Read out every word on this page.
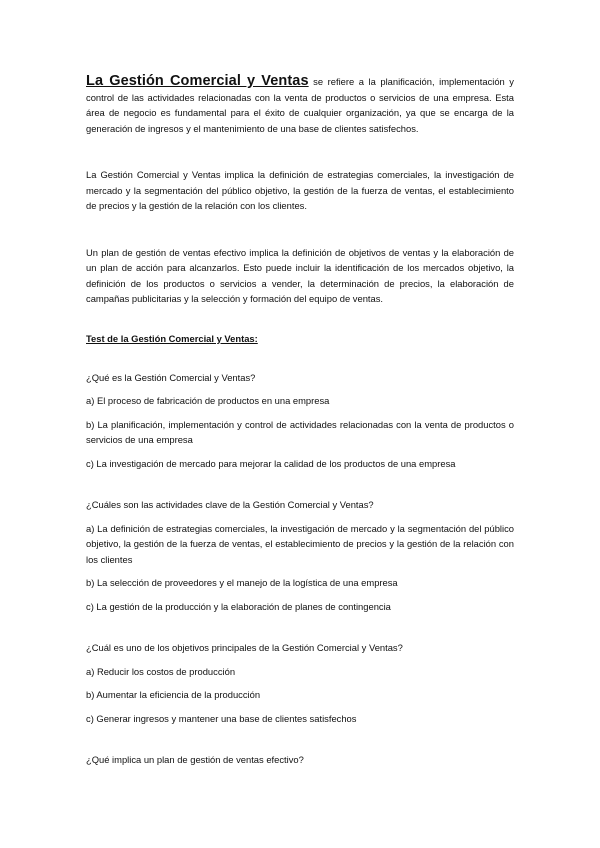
La Gestión Comercial y Ventas se refiere a la planificación, implementación y control de las actividades relacionadas con la venta de productos o servicios de una empresa. Esta área de negocio es fundamental para el éxito de cualquier organización, ya que se encarga de la generación de ingresos y el mantenimiento de una base de clientes satisfechos.

La Gestión Comercial y Ventas implica la definición de estrategias comerciales, la investigación de mercado y la segmentación del público objetivo, la gestión de la fuerza de ventas, el establecimiento de precios y la gestión de la relación con los clientes.

Un plan de gestión de ventas efectivo implica la definición de objetivos de ventas y la elaboración de un plan de acción para alcanzarlos. Esto puede incluir la identificación de los mercados objetivo, la definición de los productos o servicios a vender, la determinación de precios, la elaboración de campañas publicitarias y la selección y formación del equipo de ventas.

Test de la Gestión Comercial y Ventas:

¿Qué es la Gestión Comercial y Ventas?

a) El proceso de fabricación de productos en una empresa

b) La planificación, implementación y control de actividades relacionadas con la venta de productos o servicios de una empresa

c) La investigación de mercado para mejorar la calidad de los productos de una empresa

¿Cuáles son las actividades clave de la Gestión Comercial y Ventas?

a) La definición de estrategias comerciales, la investigación de mercado y la segmentación del público objetivo, la gestión de la fuerza de ventas, el establecimiento de precios y la gestión de la relación con los clientes

b) La selección de proveedores y el manejo de la logística de una empresa

c) La gestión de la producción y la elaboración de planes de contingencia

¿Cuál es uno de los objetivos principales de la Gestión Comercial y Ventas?

a) Reducir los costos de producción

b) Aumentar la eficiencia de la producción

c) Generar ingresos y mantener una base de clientes satisfechos

¿Qué implica un plan de gestión de ventas efectivo?
